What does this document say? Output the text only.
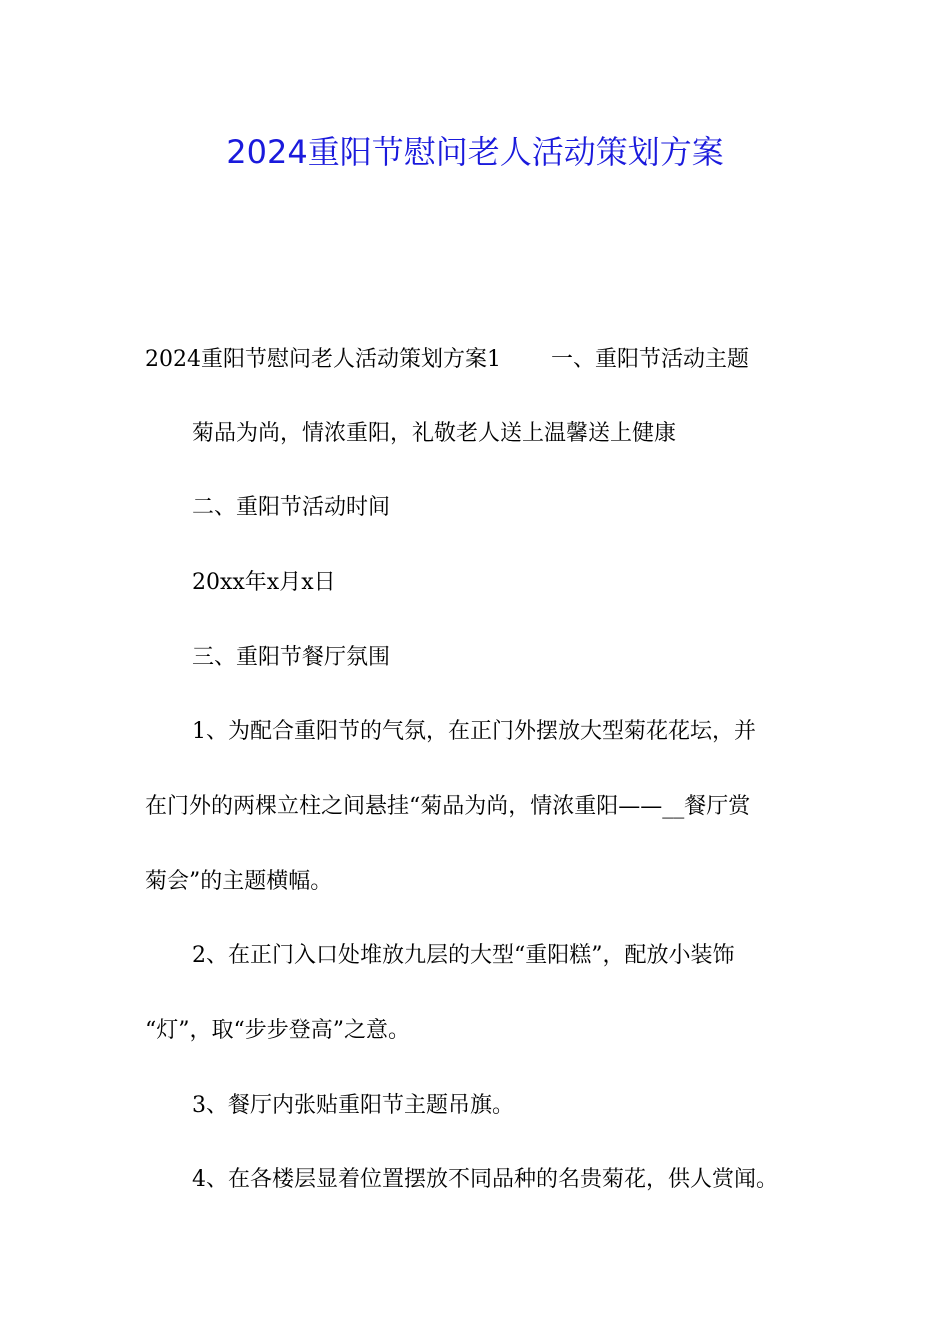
2024重阳节慰问老人活动策划方案
2024重阳节慰问老人活动策划方案1 一、重阳节活动主题
菊品为尚，情浓重阳，礼敬老人送上温馨送上健康
二、重阳节活动时间
20xx年x月x日
三、重阳节餐厅氛围
1、为配合重阳节的气氛，在正门外摆放大型菊花花坛，并
在门外的两棵立柱之间悬挂“菊品为尚，情浓重阳——__餐厅赏
菊会”的主题横幅。
2、在正门入口处堆放九层的大型“重阳糕”，配放小装饰
“灯”，取“步步登高”之意。
3、餐厅内张贴重阳节主题吊旗。
4、在各楼层显着位置摆放不同品种的名贵菊花，供人赏闻。
